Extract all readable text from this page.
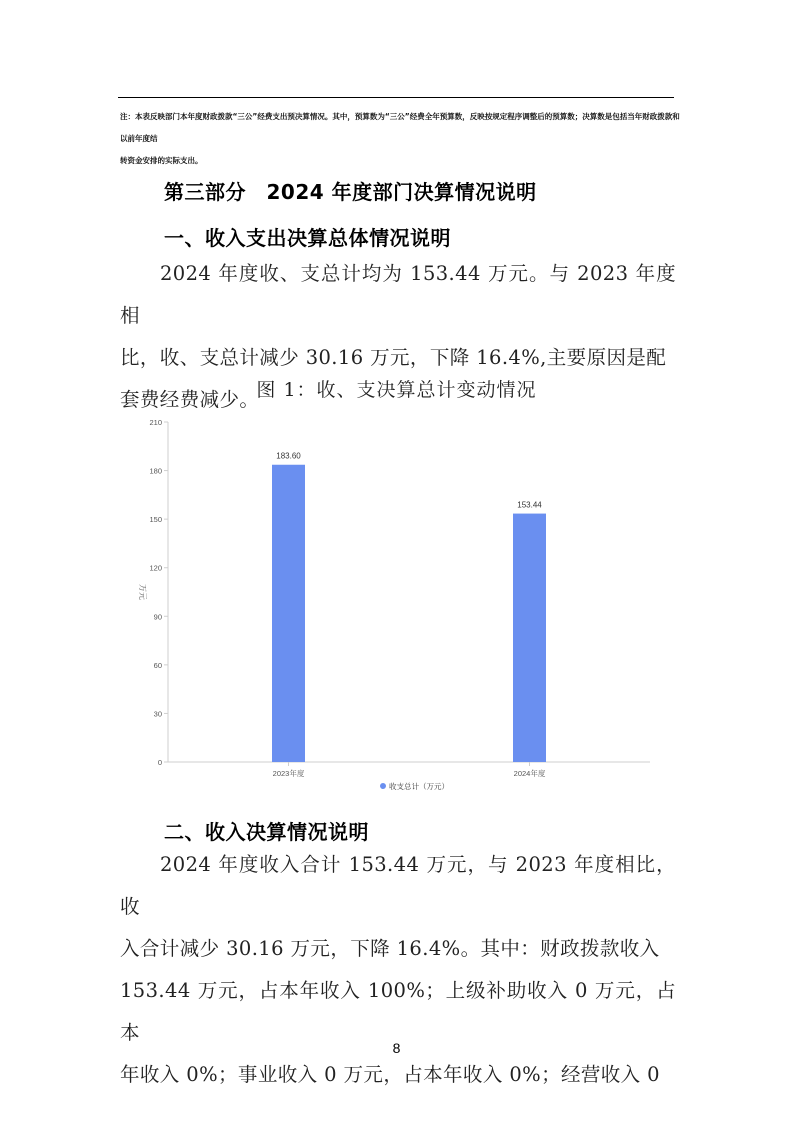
注：本表反映部门本年度财政拨款“三公”经费支出预决算情况。其中，预算数为“三公”经费全年预算数，反映按规定程序调整后的预算数；决算数是包括当年财政拨款和以前年度结
转资金安排的实际支出。
第三部分　2024 年度部门决算情况说明
一、收入支出决算总体情况说明
2024 年度收、支总计均为 153.44 万元。与 2023 年度相
比，收、支总计减少 30.16 万元，下降 16.4%,主要原因是配
套费经费减少。
图 1：收、支决算总计变动情况
0
30
60
90
120
150
180
210
万元
183.60
2023年度
153.44
2024年度
收支总计（万元）
二、收入决算情况说明
2024 年度收入合计 153.44 万元，与 2023 年度相比，收
入合计减少 30.16 万元，下降 16.4%。其中：财政拨款收入
153.44 万元，占本年收入 100%；上级补助收入 0 万元，占本
年收入 0%；事业收入 0 万元，占本年收入 0%；经营收入 0
8
